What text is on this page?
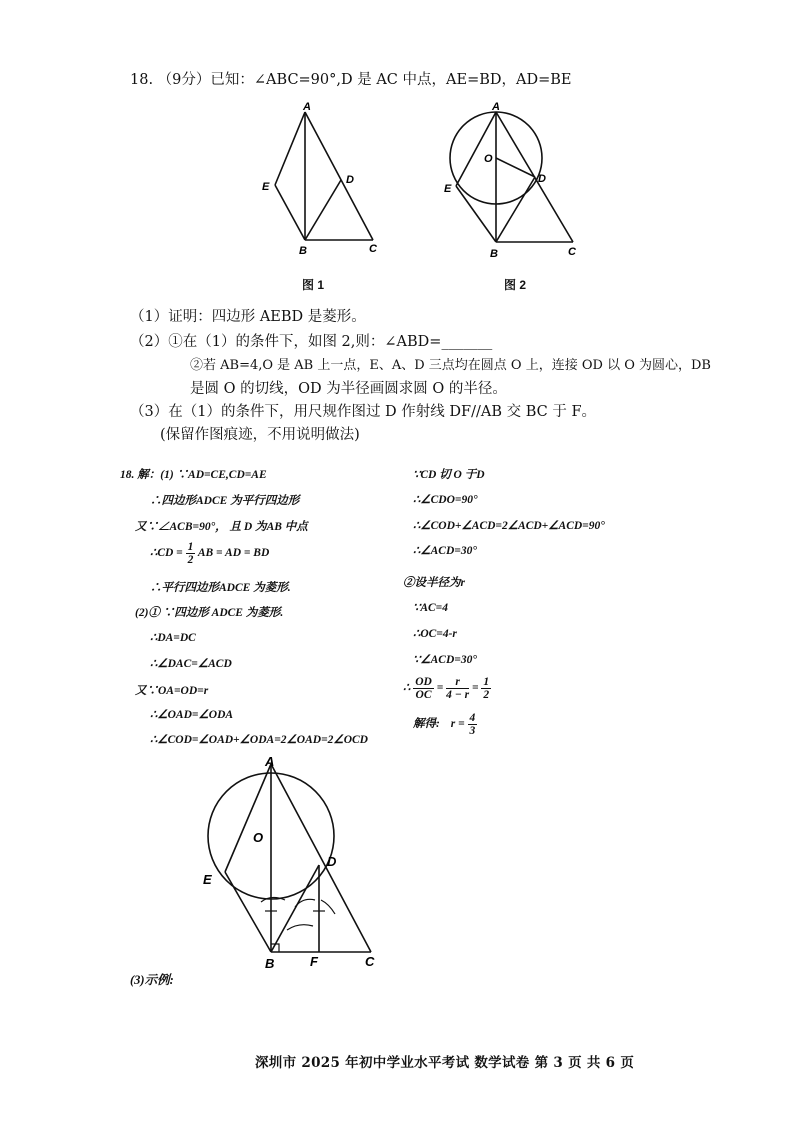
18. （9分）已知：∠ABC=90°,D 是 AC 中点，AE=BD，AD=BE
A
E
D
B	C
图 1
A
O
E
D
B	C
图 2
（1）证明：四边形 AEBD 是菱形。
（2）①在（1）的条件下，如图 2,则：∠ABD=_______
②若 AB=4,O 是 AB 上一点，E、A、D 三点均在圆点 O 上，连接 OD 以 O 为圆心，DB
是圆 O 的切线，OD 为半径画圆求圆 O 的半径。
（3）在（1）的条件下，用尺规作图过 D 作射线 DF//AB 交 BC 于 F。
(保留作图痕迹，不用说明做法)
18. 解：(1) ∵AD=CE,CD=AE
∴四边形ADCE 为平行四边形
又∵∠ACB=90°， 且 D 为AB 中点
∴CD = $\frac{1}{2}$ AB = AD = BD
∴平行四边形ADCE 为菱形.
(2)① ∵四边形 ADCE 为菱形.
∴DA=DC
∴∠DAC=∠ACD
又∵OA=OD=r
∴∠OAD=∠ODA
∴∠COD=∠OAD+∠ODA=2∠OAD=2∠OCD
∵CD 切 O 于D
∴∠CDO=90°
∴∠COD+∠ACD=2∠ACD+∠ACD=90°
∴∠ACD=30°
②设半径为r
∵AC=4
∴OC=4-r
∵∠ACD=30°
∴ $\frac{OD}{OC} = \frac{r}{4 - r} = \frac{1}{2}$
解得: $r = \frac{4}{3}$
A
O
E
D
B	F	C
(3)示例:
深圳市 2025 年初中学业水平考试 数学试卷 第 3 页 共 6 页
